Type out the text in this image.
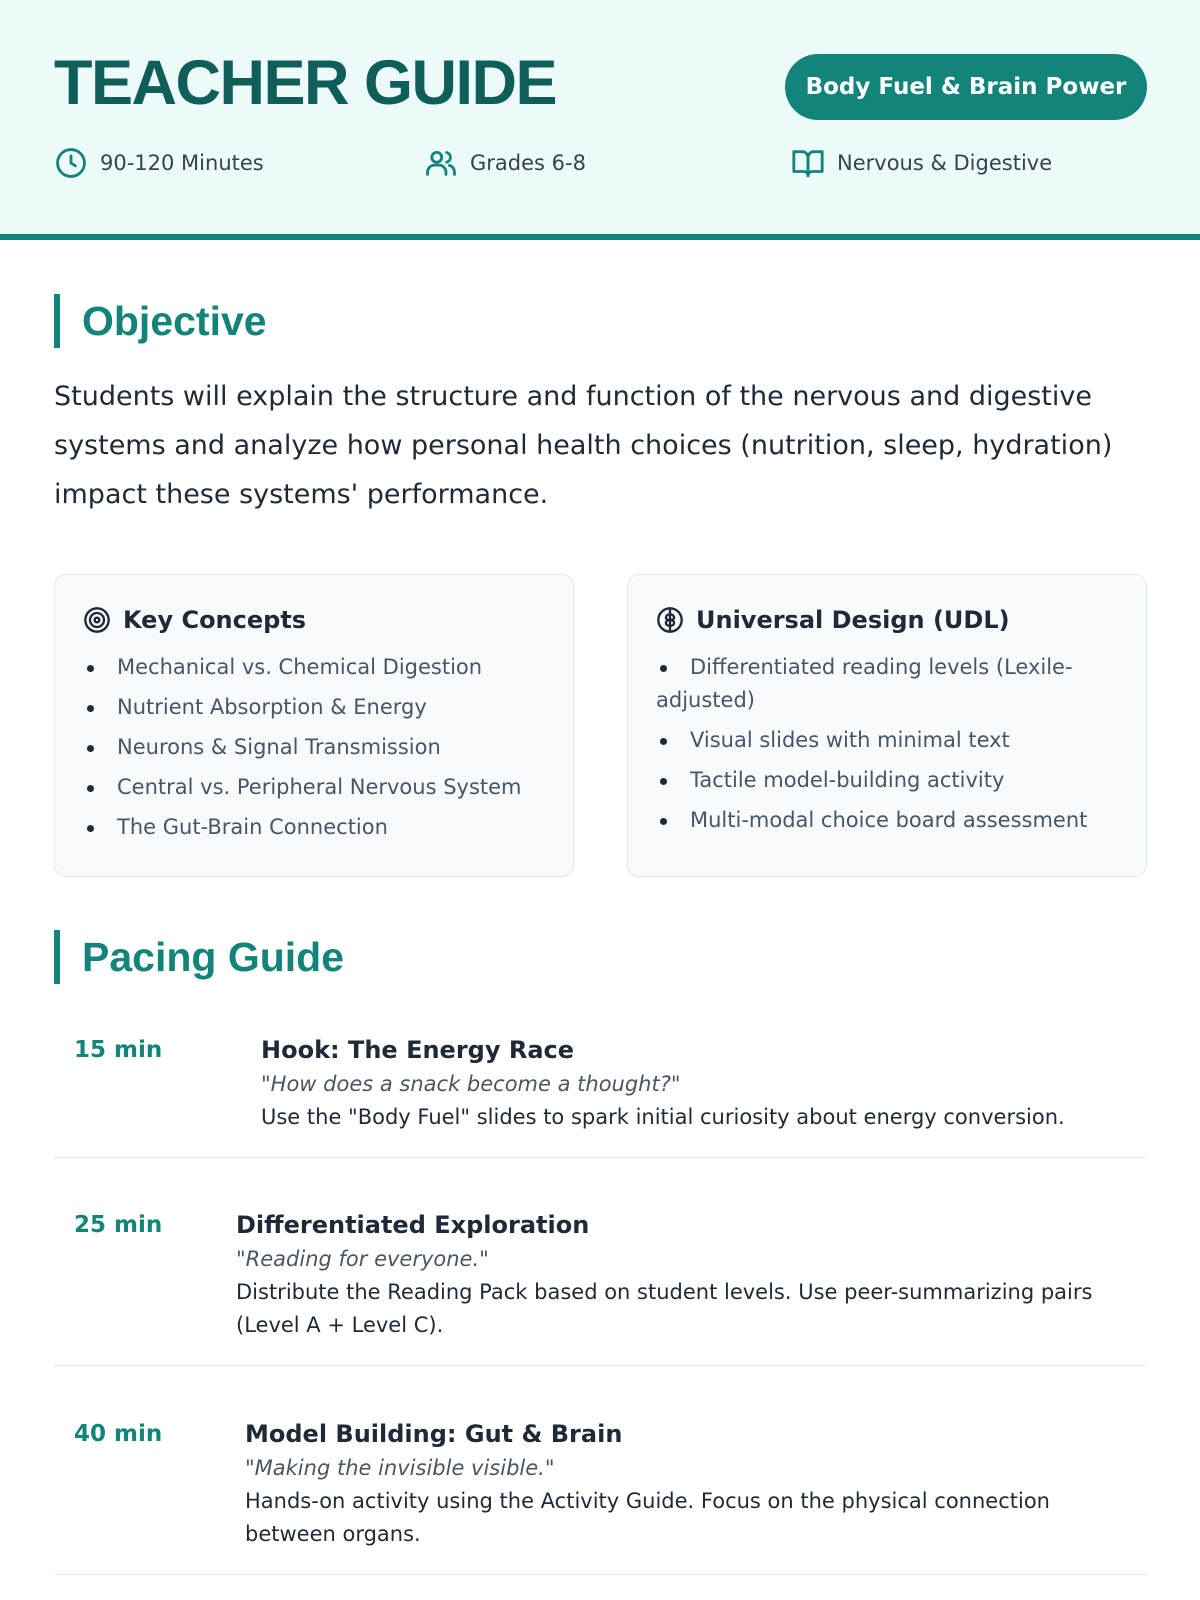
TEACHER GUIDE	Body Fuel & Brain Power
90-120 Minutes	Grades 6-8	Nervous & Digestive
Objective

Students will explain the structure and function of the nervous and digestive systems and analyze how personal health choices (nutrition, sleep, hydration) impact these systems' performance.

Key Concepts
Mechanical vs. Chemical Digestion
Nutrient Absorption & Energy
Neurons & Signal Transmission
Central vs. Peripheral Nervous System
The Gut-Brain Connection
Universal Design (UDL)
Differentiated reading levels (Lexile-adjusted)
Visual slides with minimal text
Tactile model-building activity
Multi-modal choice board assessment
Pacing Guide
15 min	Hook: The Energy Race
"How does a snack become a thought?"
Use the "Body Fuel" slides to spark initial curiosity about energy conversion.
25 min	Differentiated Exploration
"Reading for everyone."
Distribute the Reading Pack based on student levels. Use peer-summarizing pairs (Level A + Level C).
40 min	Model Building: Gut & Brain
"Making the invisible visible."
Hands-on activity using the Activity Guide. Focus on the physical connection between organs.
